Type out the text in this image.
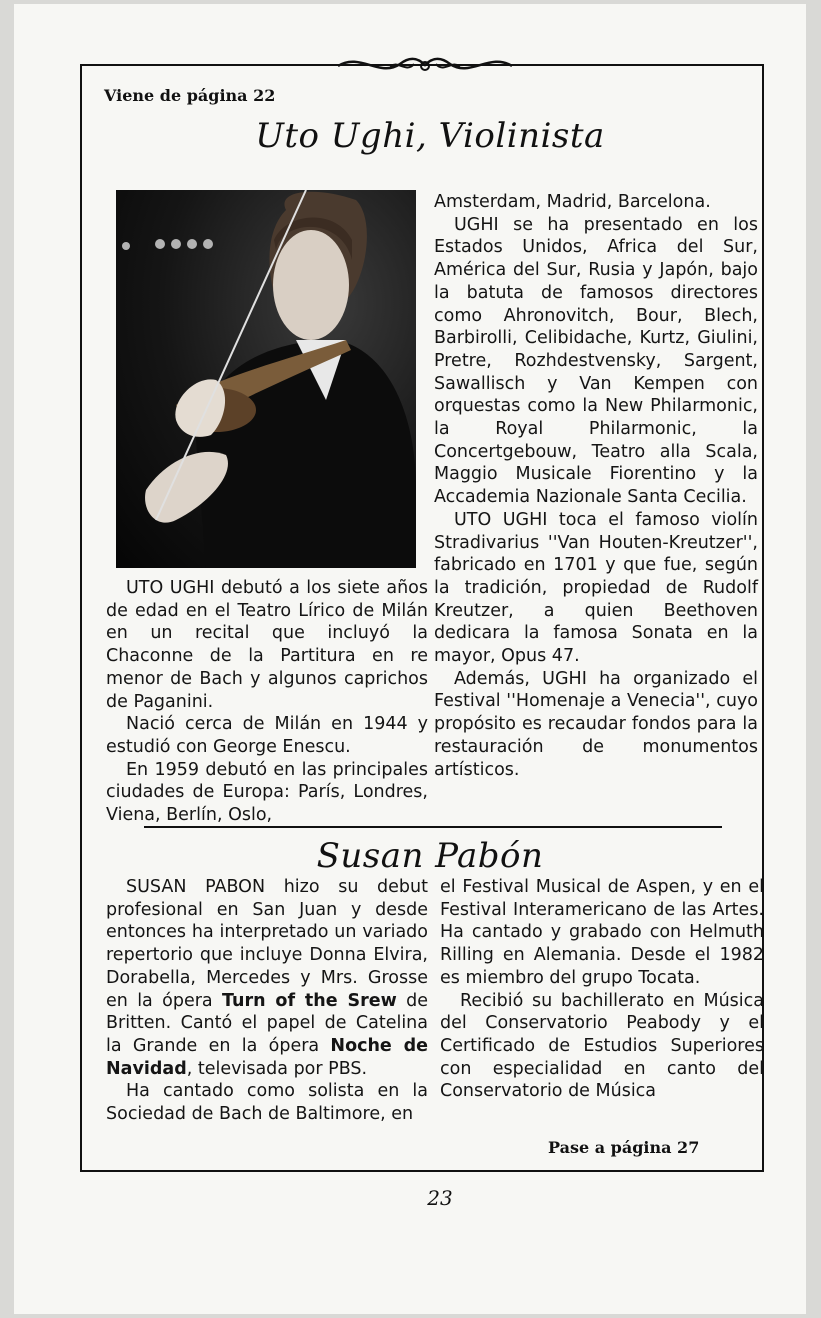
Viene de página 22
Uto Ughi, Violinista

Amsterdam, Madrid, Barcelona.

UGHI se ha presentado en los Estados Unidos, Africa del Sur, América del Sur, Rusia y Japón, bajo la batuta de famosos directores como Ahronovitch, Bour, Blech, Barbirolli, Celibidache, Kurtz, Giulini, Pretre, Rozhdestvensky, Sargent, Sawallisch y Van Kempen con orquestas como la New Philarmonic, la Royal Philarmonic, la Concertgebouw, Teatro alla Scala, Maggio Musicale Fiorentino y la Accademia Nazionale Santa Cecilia.

UTO UGHI toca el famoso violín Stradivarius ''Van Houten-Kreutzer'', fabricado en 1701 y que fue, según la tradición, propiedad de Rudolf Kreutzer, a quien Beethoven dedicara la famosa Sonata en la mayor, Opus 47.

Además, UGHI ha organizado el Festival ''Homenaje a Venecia'', cuyo propósito es recaudar fondos para la restauración de monumentos artísticos.

UTO UGHI debutó a los siete años de edad en el Teatro Lírico de Milán en un recital que incluyó la Chaconne de la Partitura en re menor de Bach y algunos caprichos de Paganini.

Nació cerca de Milán en 1944 y estudió con George Enescu.

En 1959 debutó en las principales ciudades de Europa: París, Londres, Viena, Berlín, Oslo,

Susan Pabón

SUSAN PABON hizo su debut profesional en San Juan y desde entonces ha interpretado un variado repertorio que incluye Donna Elvira, Dorabella, Mercedes y Mrs. Grosse en la ópera Turn of the Srew de Britten. Cantó el papel de Catelina la Grande en la ópera Noche de Navidad, televisada por PBS.

Ha cantado como solista en la Sociedad de Bach de Baltimore, en

el Festival Musical de Aspen, y en el Festival Interamericano de las Artes. Ha cantado y grabado con Helmuth Rilling en Alemania. Desde el 1982 es miembro del grupo Tocata.

Recibió su bachillerato en Música del Conservatorio Peabody y el Certificado de Estudios Superiores con especialidad en canto del Conservatorio de Música

Pase a página 27
23
